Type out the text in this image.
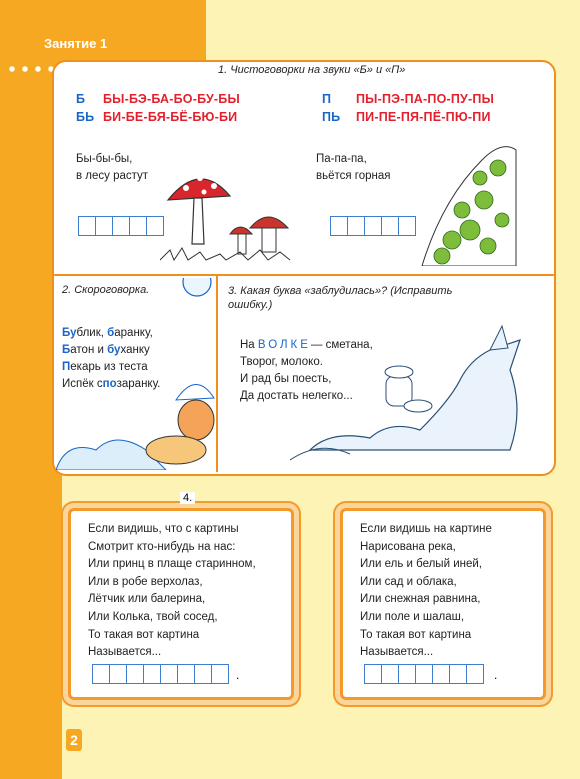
Занятие 1
1. Чистоговорки на звуки «Б» и «П»
Б БЫ-БЭ-БА-БО-БУ-БЫ
БЬ БИ-БЕ-БЯ-БЁ-БЮ-БИ
П ПЫ-ПЭ-ПА-ПО-ПУ-ПЫ
ПЬ ПИ-ПЕ-ПЯ-ПЁ-ПЮ-ПИ
Бы-бы-бы,
в лесу растут
Па-па-па,
вьётся горная
2. Скороговорка.
Бублик, баранку,
Батон и буханку
Пекарь из теста
Испёк спозаранку.
3. Какая буква «заблудилась»? (Исправить ошибку.)
На ВОЛКЕ— сметана,
Творог, молоко.
И рад бы поесть,
Да достать нелегко...
4.
Если видишь, что с картины
Смотрит кто-нибудь на нас:
Или принц в плаще старинном,
Или в робе верхолаз,
Лётчик или балерина,
Или Колька, твой сосед,
То такая вот картина
Называется...
Если видишь на картине
Нарисована река,
Или ель и белый иней,
Или сад и облака,
Или снежная равнина,
Или поле и шалаш,
То такая вот картина
Называется...
.	.
2
